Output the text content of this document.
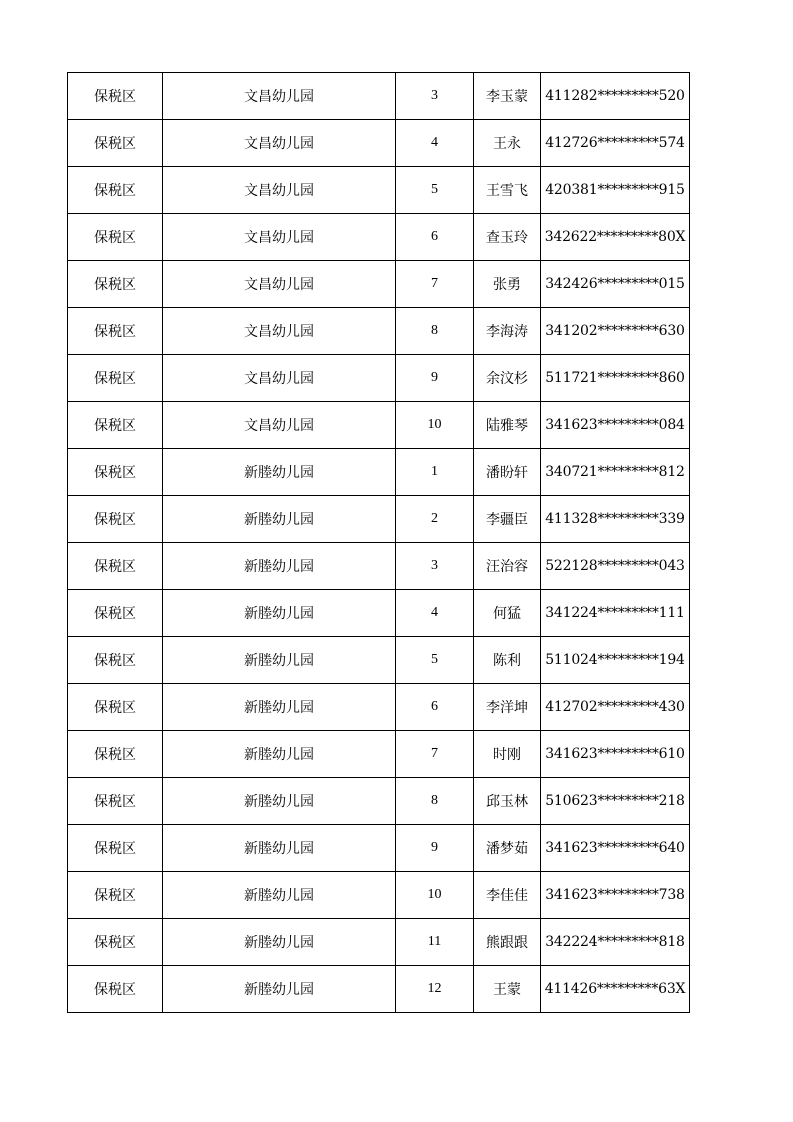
保税区	文昌幼儿园	3	李玉蒙	411282*********520
保税区	文昌幼儿园	4	王永	412726*********574
保税区	文昌幼儿园	5	王雪飞	420381*********915
保税区	文昌幼儿园	6	查玉玲	342622*********80X
保税区	文昌幼儿园	7	张勇	342426*********015
保税区	文昌幼儿园	8	李海涛	341202*********630
保税区	文昌幼儿园	9	余汶杉	511721*********860
保税区	文昌幼儿园	10	陆雅琴	341623*********084
保税区	新塍幼儿园	1	潘盼轩	340721*********812
保税区	新塍幼儿园	2	李疆臣	411328*********339
保税区	新塍幼儿园	3	汪治容	522128*********043
保税区	新塍幼儿园	4	何猛	341224*********111
保税区	新塍幼儿园	5	陈利	511024*********194
保税区	新塍幼儿园	6	李洋坤	412702*********430
保税区	新塍幼儿园	7	时刚	341623*********610
保税区	新塍幼儿园	8	邱玉林	510623*********218
保税区	新塍幼儿园	9	潘梦茹	341623*********640
保税区	新塍幼儿园	10	李佳佳	341623*********738
保税区	新塍幼儿园	11	熊跟跟	342224*********818
保税区	新塍幼儿园	12	王蒙	411426*********63X
